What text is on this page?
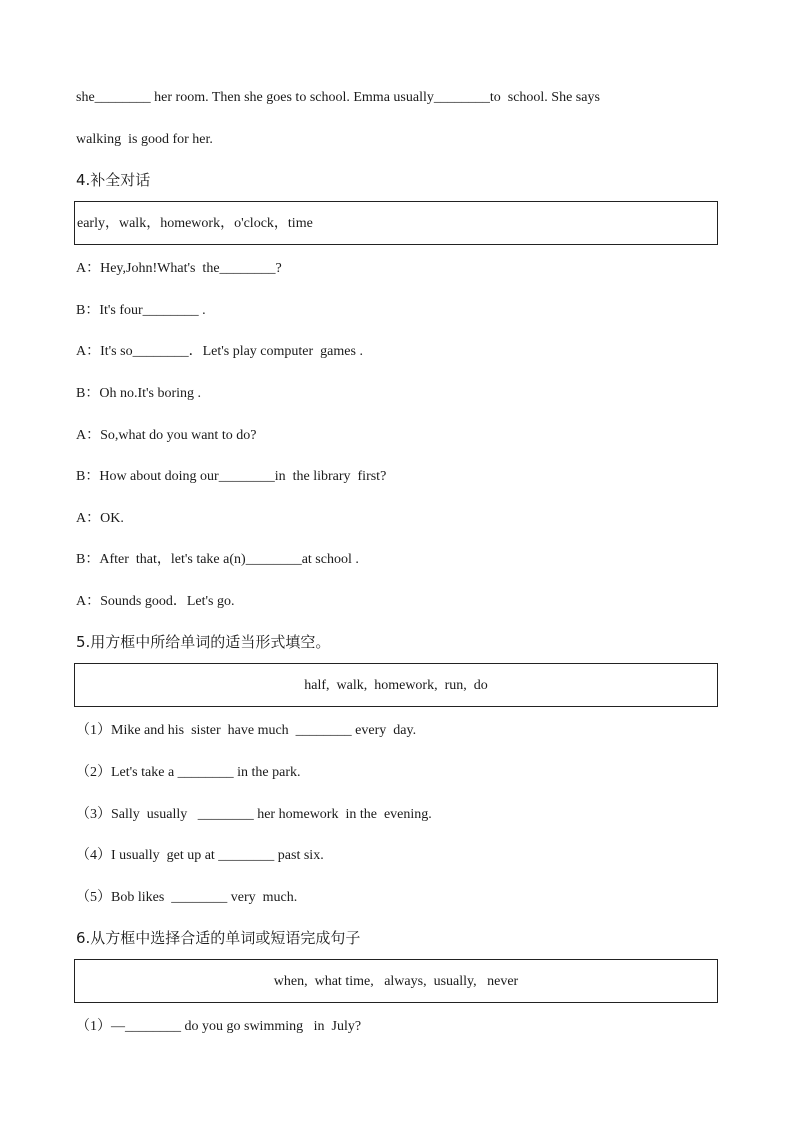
she________ her room. Then she goes to school. Emma usually________to  school. She says
walking  is good for her.
4.补全对话
early，walk，homework，o'clock，time
A：Hey,John!What's  the________?
B：It's four________ .
A：It's so________．Let's play computer  games .
B：Oh no.It's boring .
A：So,what do you want to do?
B：How about doing our________in  the library  first?
A：OK.
B：After  that，let's take a(n)________at school .
A：Sounds good．Let's go.
5.用方框中所给单词的适当形式填空。
half,  walk,  homework,  run,  do
（1）Mike and his  sister  have much  ________ every  day.
（2）Let's take a ________ in the park.
（3）Sally  usually   ________ her homework  in the  evening.
（4）I usually  get up at ________ past six.
（5）Bob likes  ________ very  much.
6.从方框中选择合适的单词或短语完成句子
when,  what time,   always,  usually,   never
（1）—________ do you go swimming   in  July?
